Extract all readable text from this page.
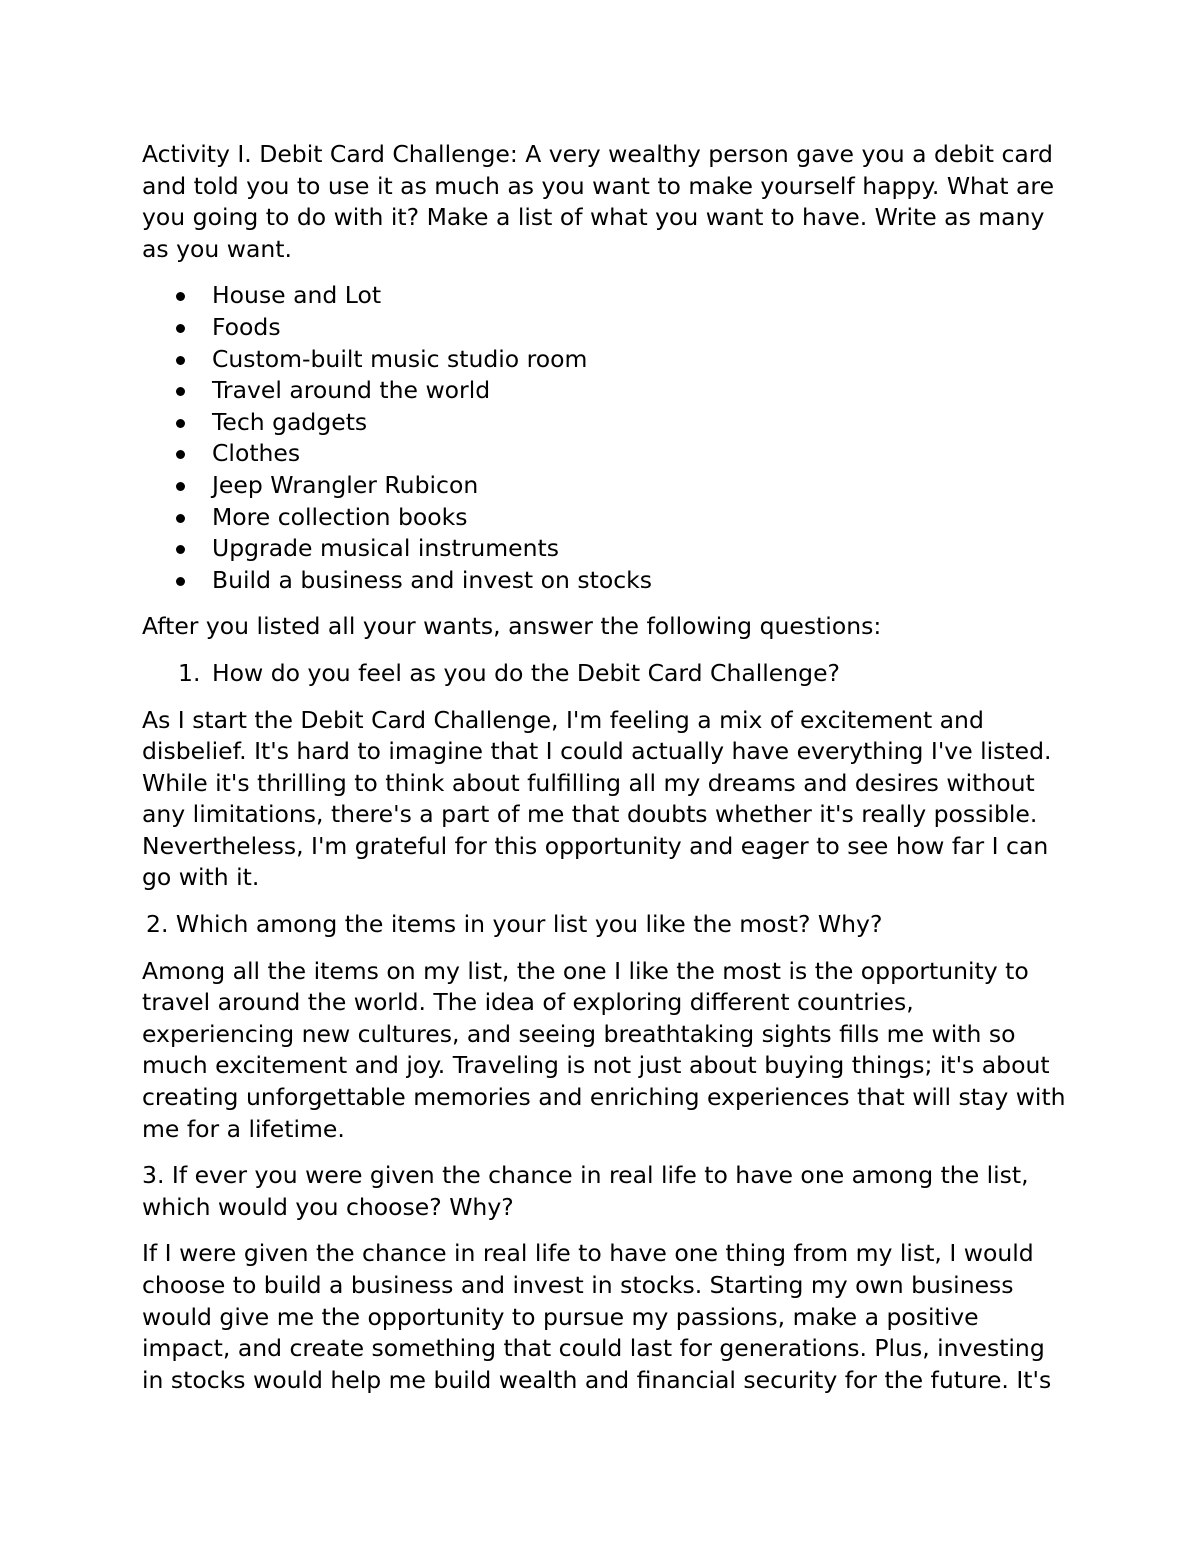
Activity I. Debit Card Challenge: A very wealthy person gave you a debit card and told you to use it as much as you want to make yourself happy. What are you going to do with it? Make a list of what you want to have. Write as many as you want.

House and Lot
Foods
Custom-built music studio room
Travel around the world
Tech gadgets
Clothes
Jeep Wrangler Rubicon
More collection books
Upgrade musical instruments
Build a business and invest on stocks

After you listed all your wants, answer the following questions:

1. How do you feel as you do the Debit Card Challenge?

As I start the Debit Card Challenge, I'm feeling a mix of excitement and disbelief. It's hard to imagine that I could actually have everything I've listed. While it's thrilling to think about fulfilling all my dreams and desires without any limitations, there's a part of me that doubts whether it's really possible. Nevertheless, I'm grateful for this opportunity and eager to see how far I can go with it.

2. Which among the items in your list you like the most? Why?

Among all the items on my list, the one I like the most is the opportunity to travel around the world. The idea of exploring different countries, experiencing new cultures, and seeing breathtaking sights fills me with so much excitement and joy. Traveling is not just about buying things; it's about creating unforgettable memories and enriching experiences that will stay with me for a lifetime.

3. If ever you were given the chance in real life to have one among the list, which would you choose? Why?

If I were given the chance in real life to have one thing from my list, I would choose to build a business and invest in stocks. Starting my own business would give me the opportunity to pursue my passions, make a positive impact, and create something that could last for generations. Plus, investing in stocks would help me build wealth and financial security for the future. It's
